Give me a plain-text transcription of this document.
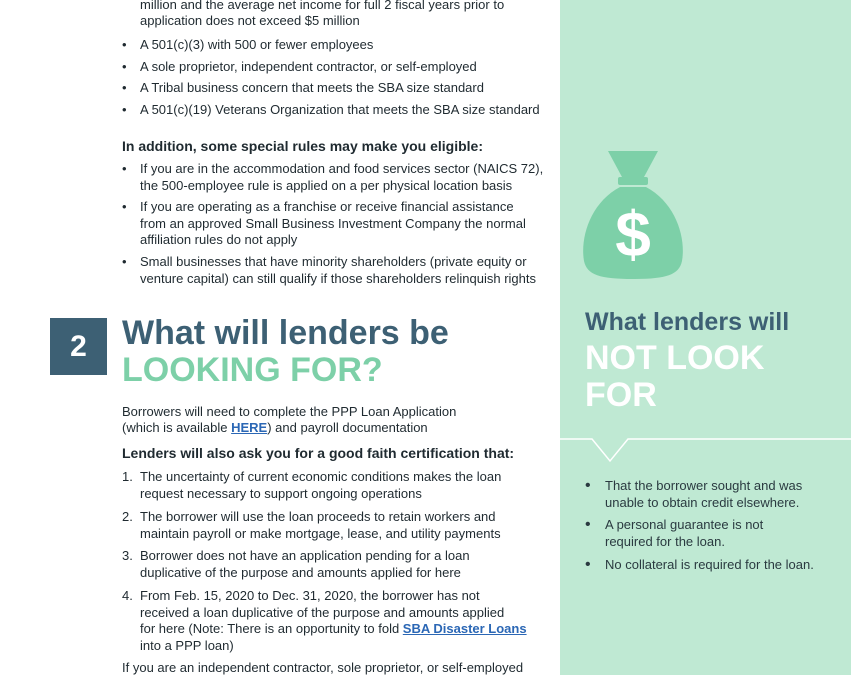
million and the average net income for full 2 fiscal years prior to
application does not exceed $5 million
• A 501(c)(3) with 500 or fewer employees
• A sole proprietor, independent contractor, or self-employed
• A Tribal business concern that meets the SBA size standard
• A 501(c)(19) Veterans Organization that meets the SBA size standard
In addition, some special rules may make you eligible:
• If you are in the accommodation and food services sector (NAICS 72),
the 500-employee rule is applied on a per physical location basis
• If you are operating as a franchise or receive financial assistance
from an approved Small Business Investment Company the normal
affiliation rules do not apply
• Small businesses that have minority shareholders (private equity or
venture capital) can still qualify if those shareholders relinquish rights
2	What will lenders be
LOOKING FOR?
Borrowers will need to complete the PPP Loan Application
(which is available HERE) and payroll documentation
Lenders will also ask you for a good faith certification that:
1. The uncertainty of current economic conditions makes the loan
request necessary to support ongoing operations
2. The borrower will use the loan proceeds to retain workers and
maintain payroll or make mortgage, lease, and utility payments
3. Borrower does not have an application pending for a loan
duplicative of the purpose and amounts applied for here
4. From Feb. 15, 2020 to Dec. 31, 2020, the borrower has not
received a loan duplicative of the purpose and amounts applied
for here (Note: There is an opportunity to fold SBA Disaster Loans
into a PPP loan)
If you are an independent contractor, sole proprietor, or self-employed
$
What lenders will
NOT LOOK
FOR
• That the borrower sought and was
unable to obtain credit elsewhere.
• A personal guarantee is not
required for the loan.
• No collateral is required for the loan.
